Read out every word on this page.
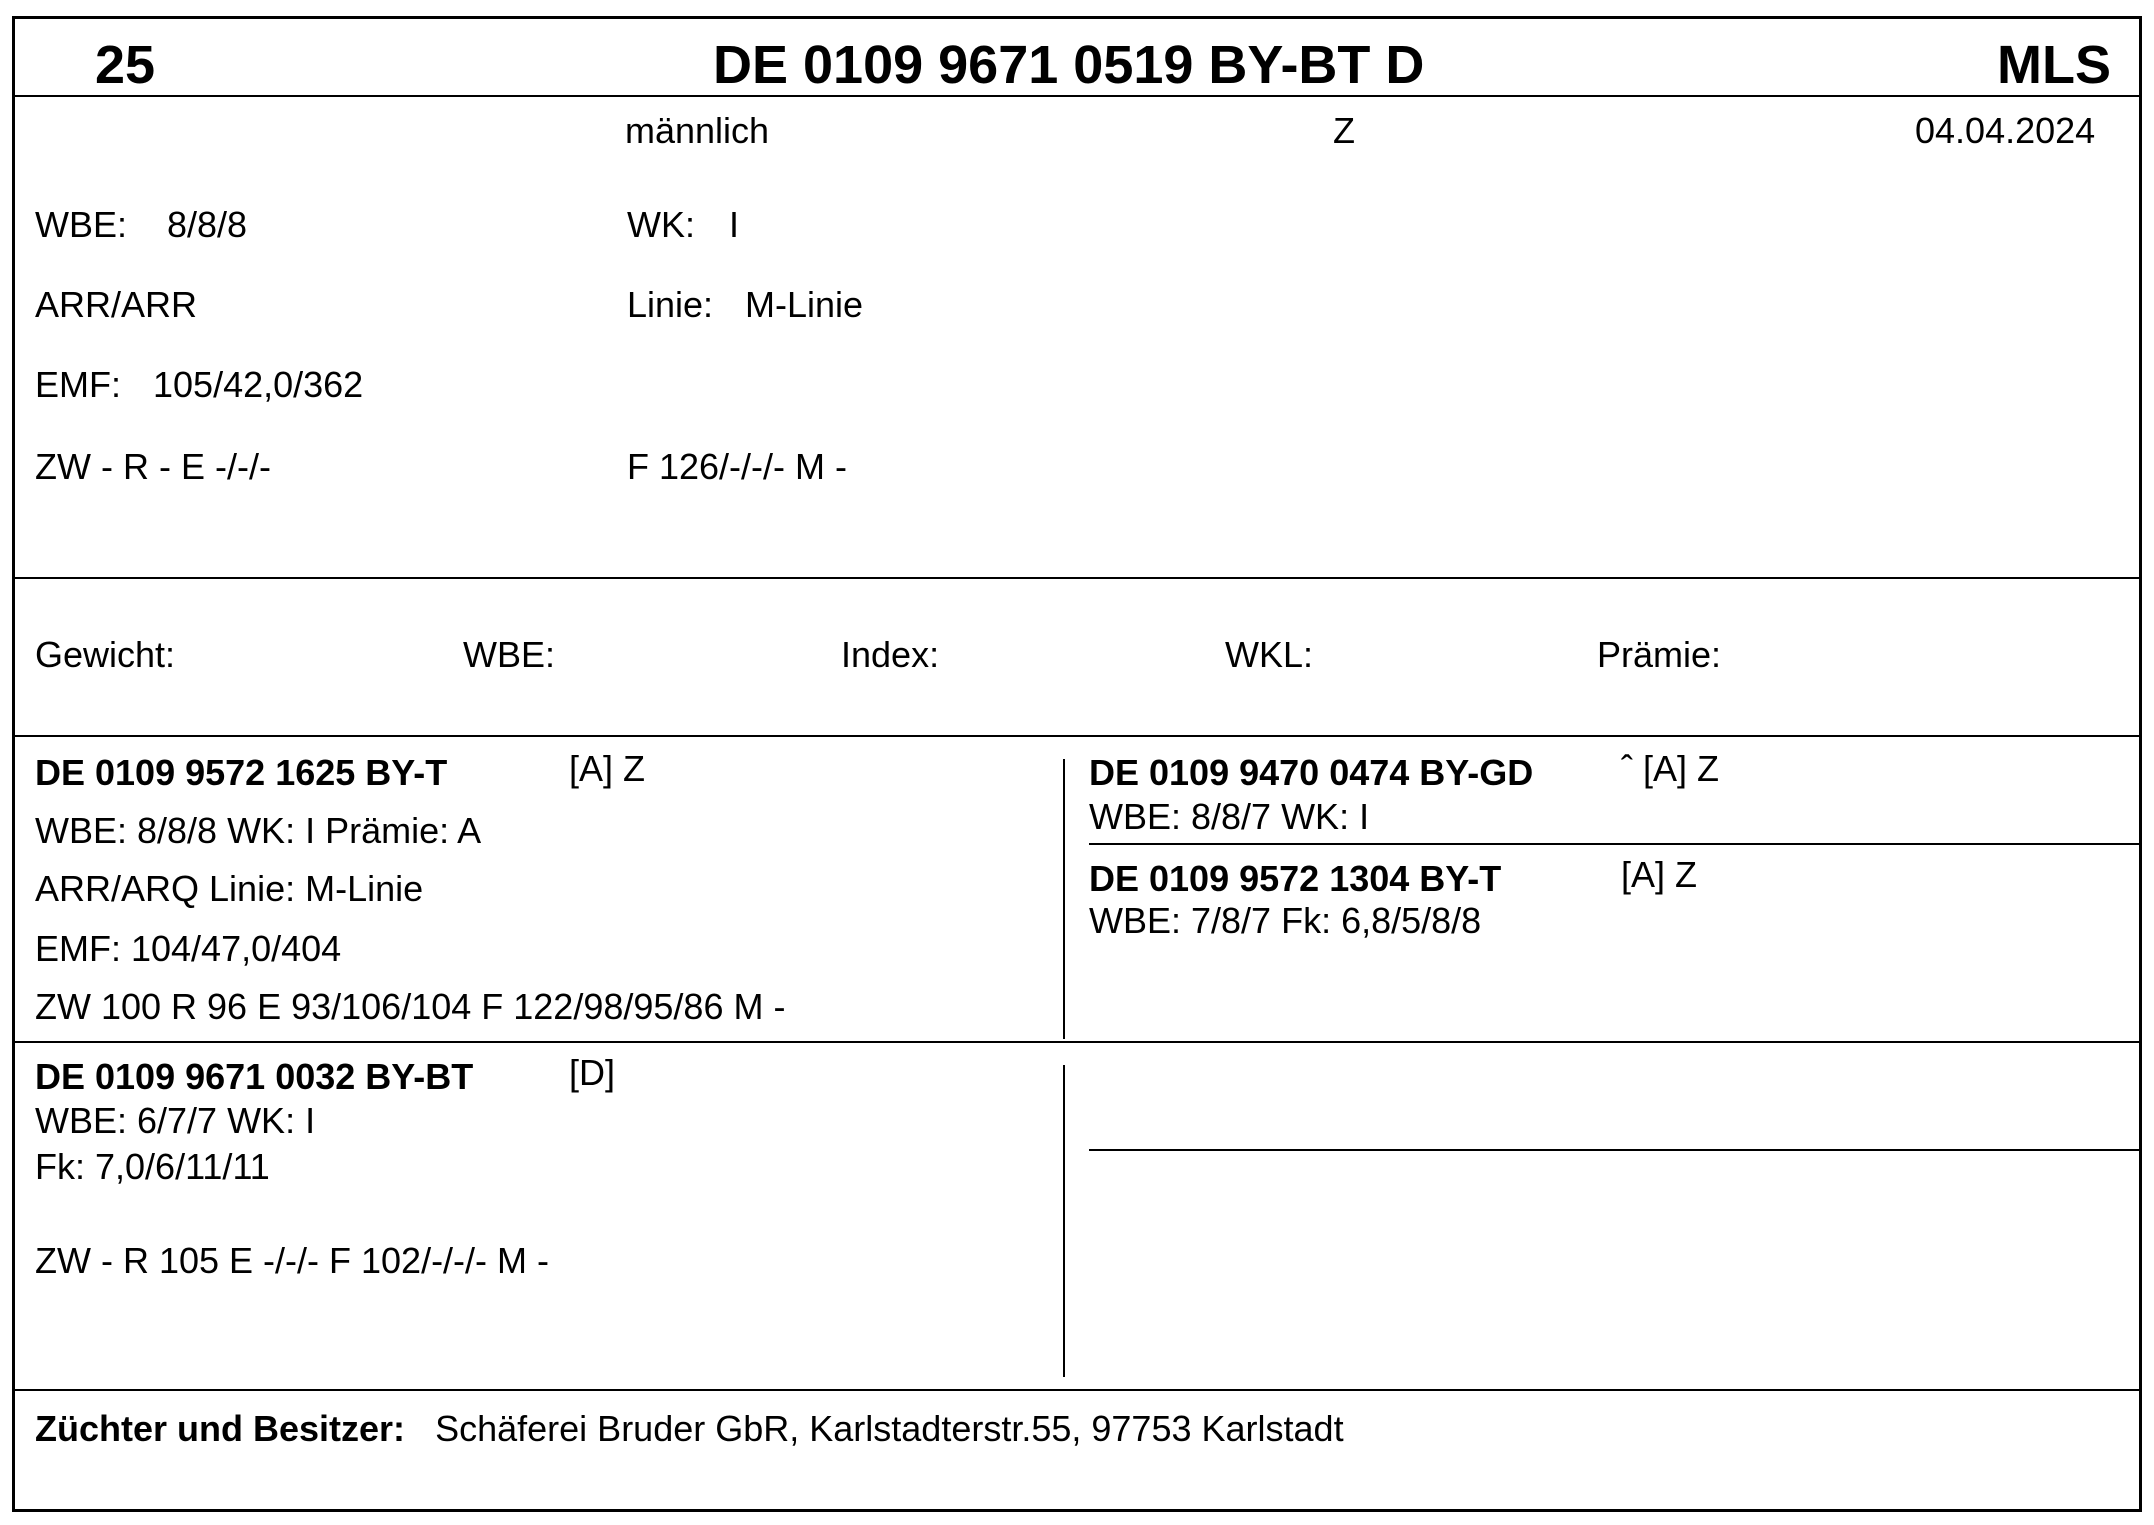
25	DE 0109 9671 0519 BY-BT D	MLS
männlich	Z	04.04.2024
WBE: 8/8/8	WK: I
ARR/ARR	Linie: M-Linie
EMF: 105/42,0/362
ZW - R - E -/-/-	F 126/-/-/- M -
Gewicht:	WBE:	Index:	WKL:	Prämie:
DE 0109 9572 1625 BY-T	[A] Z
WBE: 8/8/8 WK: I Prämie: A
ARR/ARQ Linie: M-Linie
EMF: 104/47,0/404
ZW 100 R 96 E 93/106/104 F 122/98/95/86 M -
DE 0109 9470 0474 BY-GD ˆ [A] Z
WBE: 8/8/7 WK: I
DE 0109 9572 1304 BY-T	[A] Z
WBE: 7/8/7 Fk: 6,8/5/8/8
DE 0109 9671 0032 BY-BT	[D]
WBE: 6/7/7 WK: I
Fk: 7,0/6/11/11
ZW - R 105 E -/-/- F 102/-/-/- M -
Züchter und Besitzer: Schäferei Bruder GbR, Karlstadterstr.55, 97753 Karlstadt
